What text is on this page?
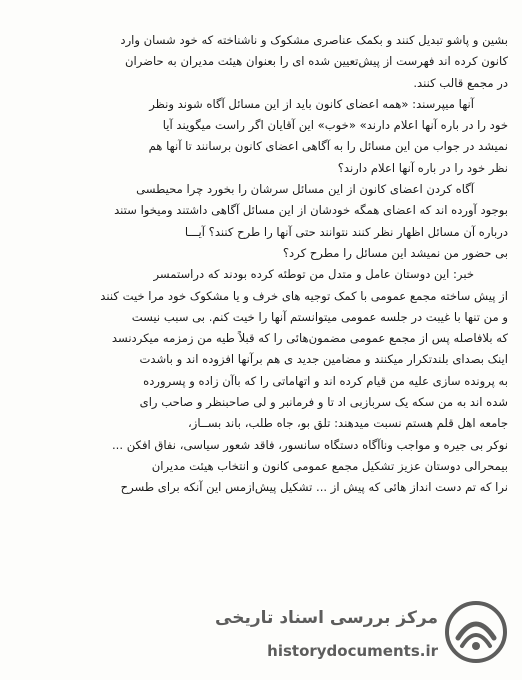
بشین و پاشو تبدیل کنند و بکمک عناصری مشکوک و ناشناخته که خود شسان وارد
کانون کرده اند فهرست از پیش‌تعیین شده ای را بعنوان هیئت مدیران به حاضران
در مجمع قالب کنند.
آنها میپرسند: «همه اعضای کانون باید از این مسائل آگاه شوند ونظر
خود را در باره آنها اعلام دارند» «خوب» این آقایان اگر راست میگویند آیا
نمیشد در جواب من این مسائل را به آگاهی اعضای کانون برسانند تا آنها هم
نظر خود را در باره آنها اعلام دارند؟
آگاه کردن اعضای کانون از این مسائل سرشان را بخورد چرا محیطسی
بوجود آورده اند که اعضای همگه خودشان از این مسائل آگاهی داشتند وميخوا ستند
درباره آن مسائل اظهار نظر کنند نتوانند حتی آنها را طرح کنند؟ آیـــا
بی حضور من نمیشد این مسائل را مطرح کرد؟
خبر: این دوستان عامل و متدل من توطئه کرده بودند که دراستمسر
از پیش ساخته مجمع عمومی با کمک توجیه های خرف و یا مشکوک خود مرا خیت کنند
و من تنها با غیبت در جلسه عمومی میتوانستم آنها را خیت کنم. بی سبب نیست
که بلافاصله پس از مجمع عمومی مضمون‌هائی را که قبلاً طیه من زمزمه میکردنسد
اینک بصدای بلندتکرار میکنند و مضامین جدید ی هم برآنها افزوده اند و باشدت
به پرونده سازی علیه من قیام کرده اند و اتهاماتی را که باآن زاده و پسرورده
شده اند به من سکه یک سربازبی اد تا و فرمانبر و لی صاحبنظر و صاحب رای
جامعه اهل قلم هستم نسبت میدهند: تلق بو، جاه طلب، باند بســاز،
نوکر بی جیره و مواجب وناآگاه دستگاه سانسور، فاقد شعور سیاسی، نفاق افکن ...
بیمحرالی دوستان عزیز تشکیل مجمع عمومی کانون و انتخاب هیئت مدیران
نرا که تم دست انداز هائی که پیش از ... تشکیل پیش‌ازمس این آنکه برای طسرح
مرکز بررسی اسناد تاریخی
historydocuments.ir
